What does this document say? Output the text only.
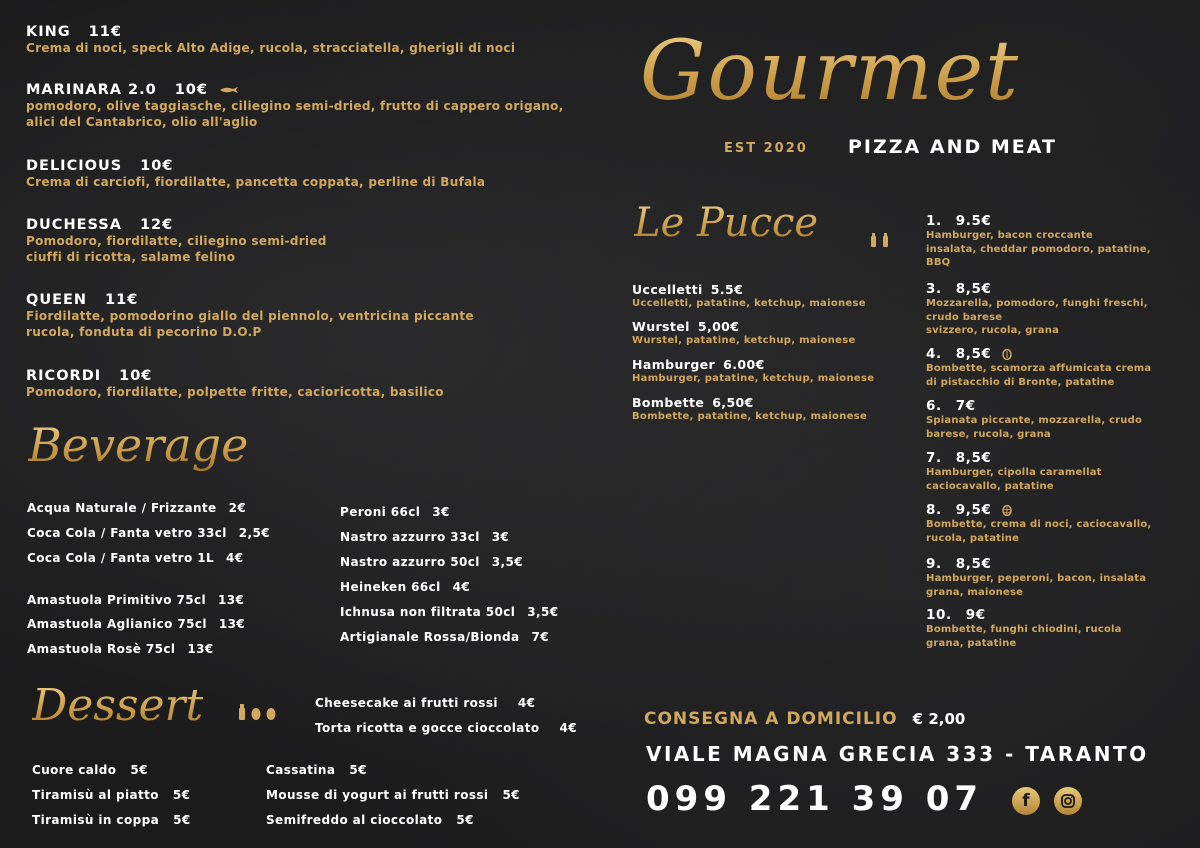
KING 11€
Crema di noci, speck Alto Adige, rucola, stracciatella, gherigli di noci
MARINARA 2.0 10€
pomodoro, olive taggiasche, ciliegino semi-dried, frutto di cappero origano,
alici del Cantabrico, olio all'aglio
DELICIOUS 10€
Crema di carciofi, fiordilatte, pancetta coppata, perline di Bufala
DUCHESSA 12€
Pomodoro, fiordilatte, ciliegino semi-dried
ciuffi di ricotta, salame felino
QUEEN 11€
Fiordilatte, pomodorino giallo del piennolo, ventricina piccante
rucola, fonduta di pecorino D.O.P
RICORDI 10€
Pomodoro, fiordilatte, polpette fritte, cacioricotta, basilico
Beverage
Acqua Naturale / Frizzante 2€
Coca Cola / Fanta vetro 33cl 2,5€
Coca Cola / Fanta vetro 1L 4€
Amastuola Primitivo 75cl 13€
Amastuola Aglianico 75cl 13€
Amastuola Rosè 75cl 13€
Peroni 66cl 3€
Nastro azzurro 33cl 3€
Nastro azzurro 50cl 3,5€
Heineken 66cl 4€
Ichnusa non filtrata 50cl 3,5€
Artigianale Rossa/Bionda 7€
Dessert
	Cheesecake ai frutti rossi 4€
Torta ricotta e gocce cioccolato 4€
Cuore caldo 5€
Tiramisù al piatto 5€
Tiramisù in coppa 5€
Cassatina 5€
Mousse di yogurt ai frutti rossi 5€
Semifreddo al cioccolato 5€
Gourmet
EST 2020 PIZZA AND MEAT
Le Pucce

Uccelletti 5.5€
Uccelletti, patatine, ketchup, maionese
Wurstel 5,00€
Wurstel, patatine, ketchup, maionese
Hamburger 6.00€
Hamburger, patatine, ketchup, maionese
Bombette 6,50€
Bombette, patatine, ketchup, maionese
1. 9.5€
Hamburger, bacon croccante
insalata, cheddar pomodoro, patatine,
BBQ
3. 8,5€
Mozzarella, pomodoro, funghi freschi,
crudo barese
svizzero, rucola, grana
4. 8,5€
Bombette, scamorza affumicata crema
di pistacchio di Bronte, patatine
6. 7€
Spianata piccante, mozzarella, crudo
barese, rucola, grana
7. 8,5€
Hamburger, cipolla caramellat
caciocavallo, patatine
8. 9,5€
Bombette, crema di noci, caciocavallo,
rucola, patatine
9. 8,5€
Hamburger, peperoni, bacon, insalata
grana, maionese
10. 9€
Bombette, funghi chiodini, rucola
grana, patatine
CONSEGNA A DOMICILIO € 2,00
VIALE MAGNA GRECIA 333 - TARANTO
099 221 39 07	f
